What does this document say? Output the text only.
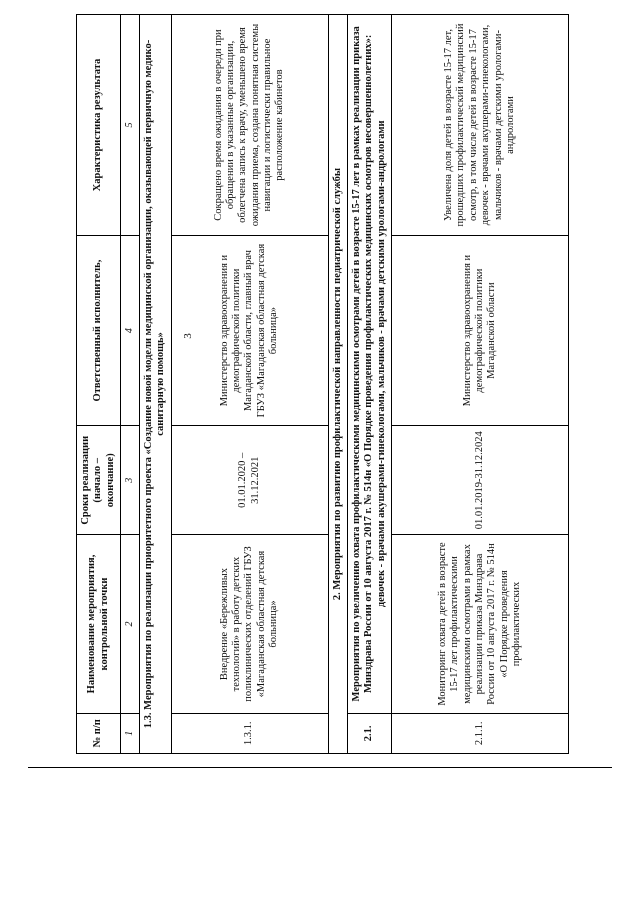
3
№ п/п	Наименование мероприятия, контрольной точки	Сроки реализации (начало – окончание)	Ответственный исполнитель,	Характеристика результата
1	2	3	4	5
1.3. Мероприятия по реализации приоритетного проекта «Создание новой модели медицинской организации, оказывающей первичную медико-санитарную помощь»				
1.3.1.	Внедрение «Бережливых технологий» в работу детских поликлинических отделений ГБУЗ «Магаданская областная детская больница»	01.01.2020 – 31.12.2021	Министерство здравоохранения и демографической политики Магаданской области, главный врач ГБУЗ «Магаданская областная детская больница»	Сокращено время ожидания в очереди при обращении в указанные организации, облегчена запись к врачу, уменьшено время ожидания приема, создана понятная системы навигации и логистически правильное расположение кабинетов
2. Мероприятия по развитию профилактической направленности педиатрической службы				
2.1.	Мероприятия по увеличению охвата профилактическими медицинскими осмотрами детей в возрасте 15-17 лет в рамках реализации приказа Минздрава России от 10 августа 2017 г. № 514н «О Порядке проведения профилактических медицинских осмотров несовершеннолетних»: девочек - врачами акушерами-гинекологами, мальчиков - врачами детскими урологами-андрологами			
2.1.1.	Мониторинг охвата детей в возрасте 15-17 лет профилактическими медицинскими осмотрами в рамках реализации приказа Минздрава России от 10 августа 2017 г. № 514н «О Порядке проведения профилактических	01.01.2019-31.12.2024	Министерство здравоохранения и демографической политики Магаданской области	Увеличена доля детей в возрасте 15-17 лет, прошедших профилактический медицинский осмотр, в том числе детей в возрасте 15-17 девочек - врачами акушерами-гинекологами, мальчиков - врачами детскими урологами-андрологами
